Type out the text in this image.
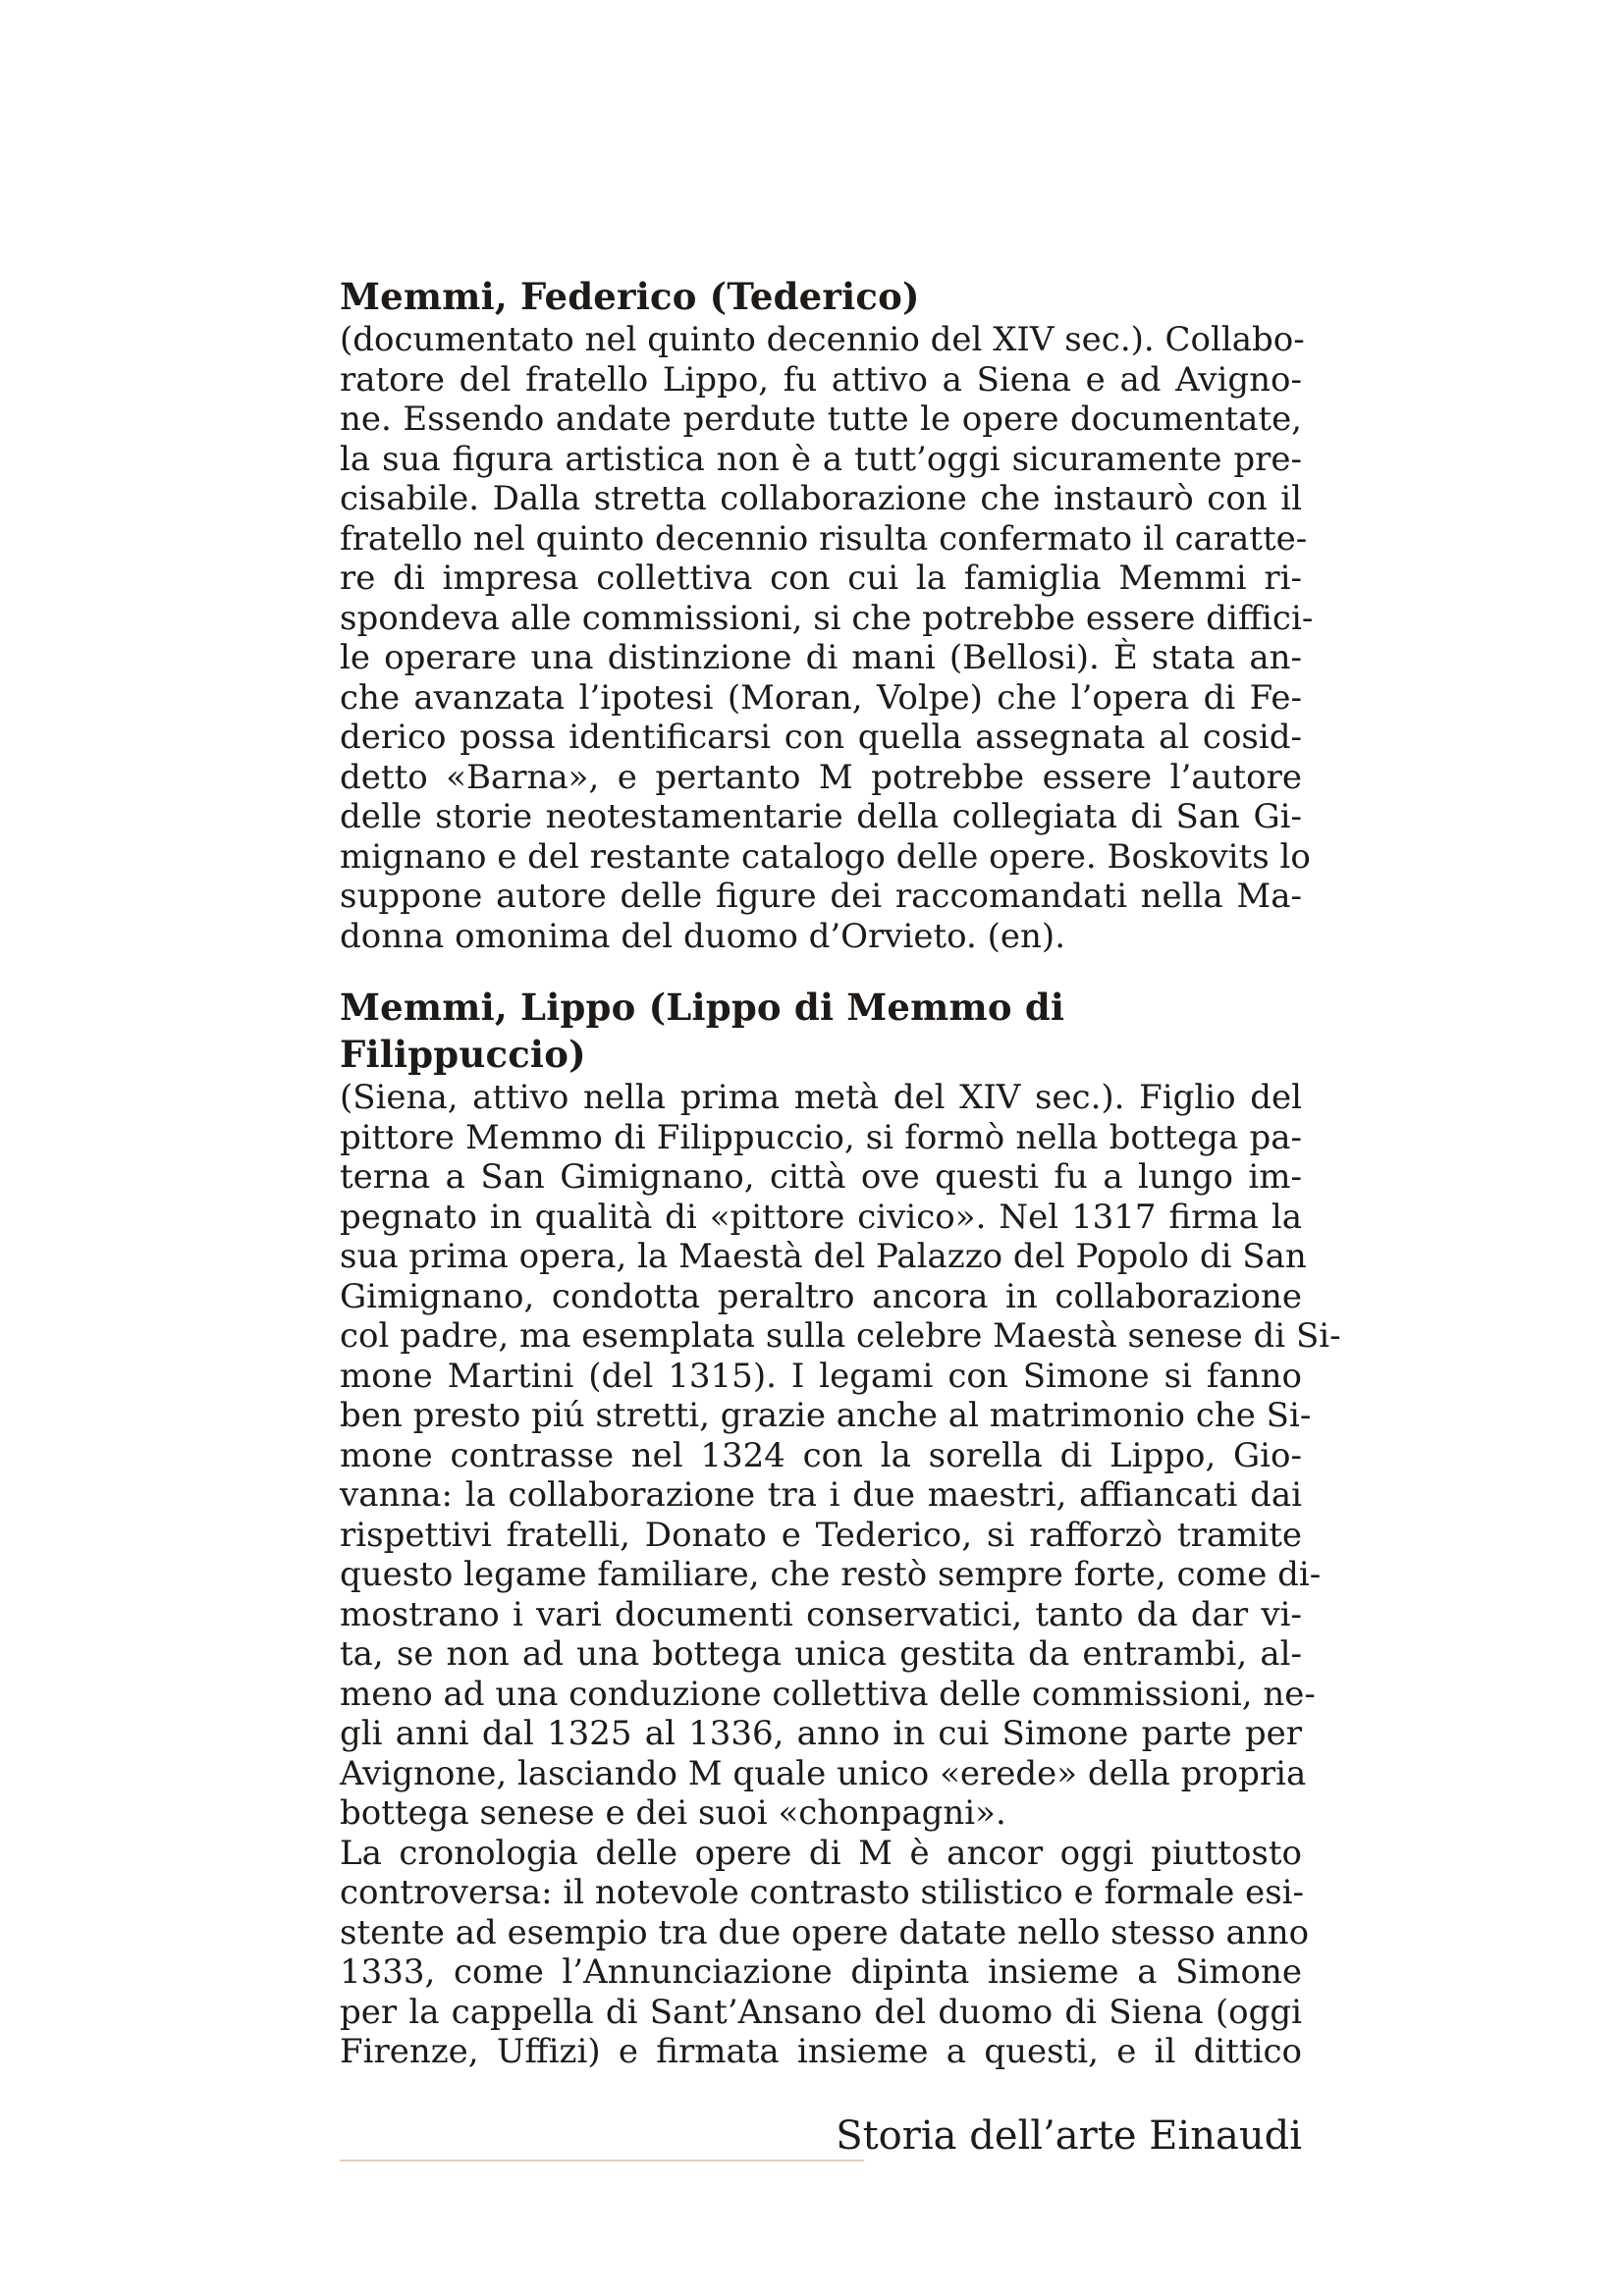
Memmi, Federico (Tederico)
(documentato nel quinto decennio del XIV sec.). Collabo-
ratore del fratello Lippo, fu attivo a Siena e ad Avigno-
ne. Essendo andate perdute tutte le opere documentate,
la sua figura artistica non è a tutt’oggi sicuramente pre-
cisabile. Dalla stretta collaborazione che instaurò con il
fratello nel quinto decennio risulta confermato il caratte-
re di impresa collettiva con cui la famiglia Memmi ri-
spondeva alle commissioni, si che potrebbe essere diffici-
le operare una distinzione di mani (Bellosi). È stata an-
che avanzata l’ipotesi (Moran, Volpe) che l’opera di Fe-
derico possa identificarsi con quella assegnata al cosid-
detto «Barna», e pertanto M potrebbe essere l’autore
delle storie neotestamentarie della collegiata di San Gi-
mignano e del restante catalogo delle opere. Boskovits lo
suppone autore delle figure dei raccomandati nella Ma-
donna omonima del duomo d’Orvieto. (en).
Memmi, Lippo (Lippo di Memmo di Filippuccio)
(Siena, attivo nella prima metà del XIV sec.). Figlio del
pittore Memmo di Filippuccio, si formò nella bottega pa-
terna a San Gimignano, città ove questi fu a lungo im-
pegnato in qualità di «pittore civico». Nel 1317 firma la
sua prima opera, la Maestà del Palazzo del Popolo di San
Gimignano, condotta peraltro ancora in collaborazione
col padre, ma esemplata sulla celebre Maestà senese di Si-
mone Martini (del 1315). I legami con Simone si fanno
ben presto piú stretti, grazie anche al matrimonio che Si-
mone contrasse nel 1324 con la sorella di Lippo, Gio-
vanna: la collaborazione tra i due maestri, affiancati dai
rispettivi fratelli, Donato e Tederico, si rafforzò tramite
questo legame familiare, che restò sempre forte, come di-
mostrano i vari documenti conservatici, tanto da dar vi-
ta, se non ad una bottega unica gestita da entrambi, al-
meno ad una conduzione collettiva delle commissioni, ne-
gli anni dal 1325 al 1336, anno in cui Simone parte per
Avignone, lasciando M quale unico «erede» della propria
bottega senese e dei suoi «chonpagni».
La cronologia delle opere di M è ancor oggi piuttosto
controversa: il notevole contrasto stilistico e formale esi-
stente ad esempio tra due opere datate nello stesso anno
1333, come l’Annunciazione dipinta insieme a Simone
per la cappella di Sant’Ansano del duomo di Siena (oggi
Firenze, Uffizi) e firmata insieme a questi, e il dittico
Storia dell’arte Einaudi
